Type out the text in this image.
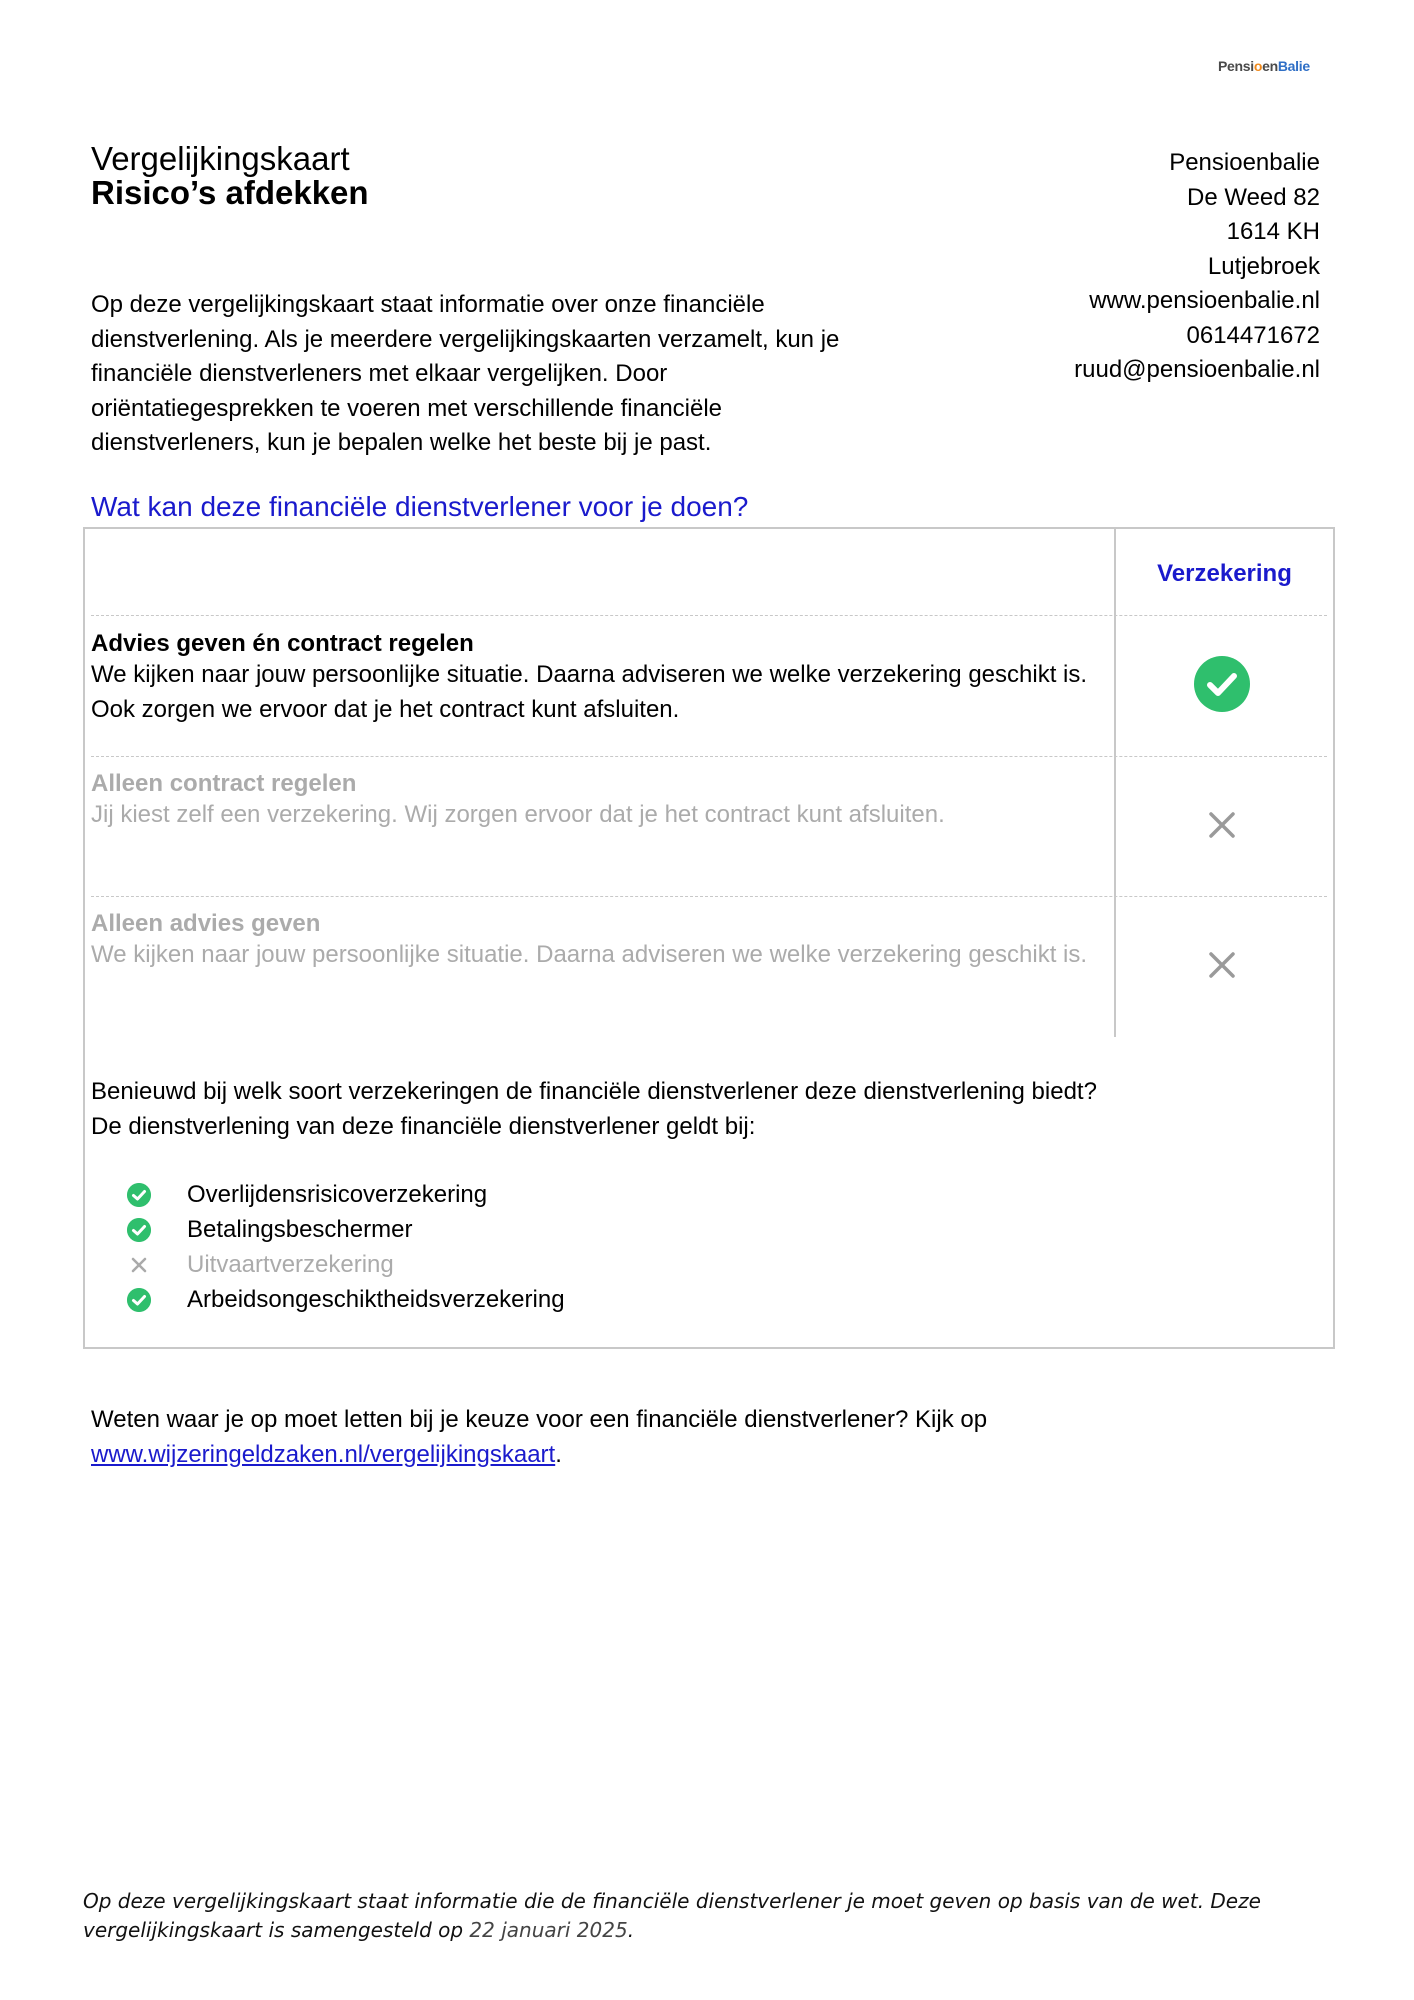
PensioenBalie
Vergelijkingskaart
Risico’s afdekken
Pensioenbalie
De Weed 82
1614 KH
Lutjebroek
www.pensioenbalie.nl
0614471672
ruud@pensioenbalie.nl
Op deze vergelijkingskaart staat informatie over onze financiële dienstverlening. Als je meerdere vergelijkingskaarten verzamelt, kun je financiële dienstverleners met elkaar vergelijken. Door oriëntatiegesprekken te voeren met verschillende financiële dienstverleners, kun je bepalen welke het beste bij je past.
Wat kan deze financiële dienstverlener voor je doen?
Verzekering
Advies geven én contract regelen
We kijken naar jouw persoonlijke situatie. Daarna adviseren we welke verzekering geschikt is. Ook zorgen we ervoor dat je het contract kunt afsluiten.
Alleen contract regelen
Jij kiest zelf een verzekering. Wij zorgen ervoor dat je het contract kunt afsluiten.
Alleen advies geven
We kijken naar jouw persoonlijke situatie. Daarna adviseren we welke verzekering geschikt is.
Benieuwd bij welk soort verzekeringen de financiële dienstverlener deze dienstverlening biedt?
De dienstverlening van deze financiële dienstverlener geldt bij:
Overlijdensrisicoverzekering
Betalingsbeschermer
Uitvaartverzekering
Arbeidsongeschiktheidsverzekering
Weten waar je op moet letten bij je keuze voor een financiële dienstverlener? Kijk op
www.wijzeringeldzaken.nl/vergelijkingskaart.
Op deze vergelijkingskaart staat informatie die de financiële dienstverlener je moet geven op basis van de wet. Deze vergelijkingskaart is samengesteld op 22 januari 2025.
